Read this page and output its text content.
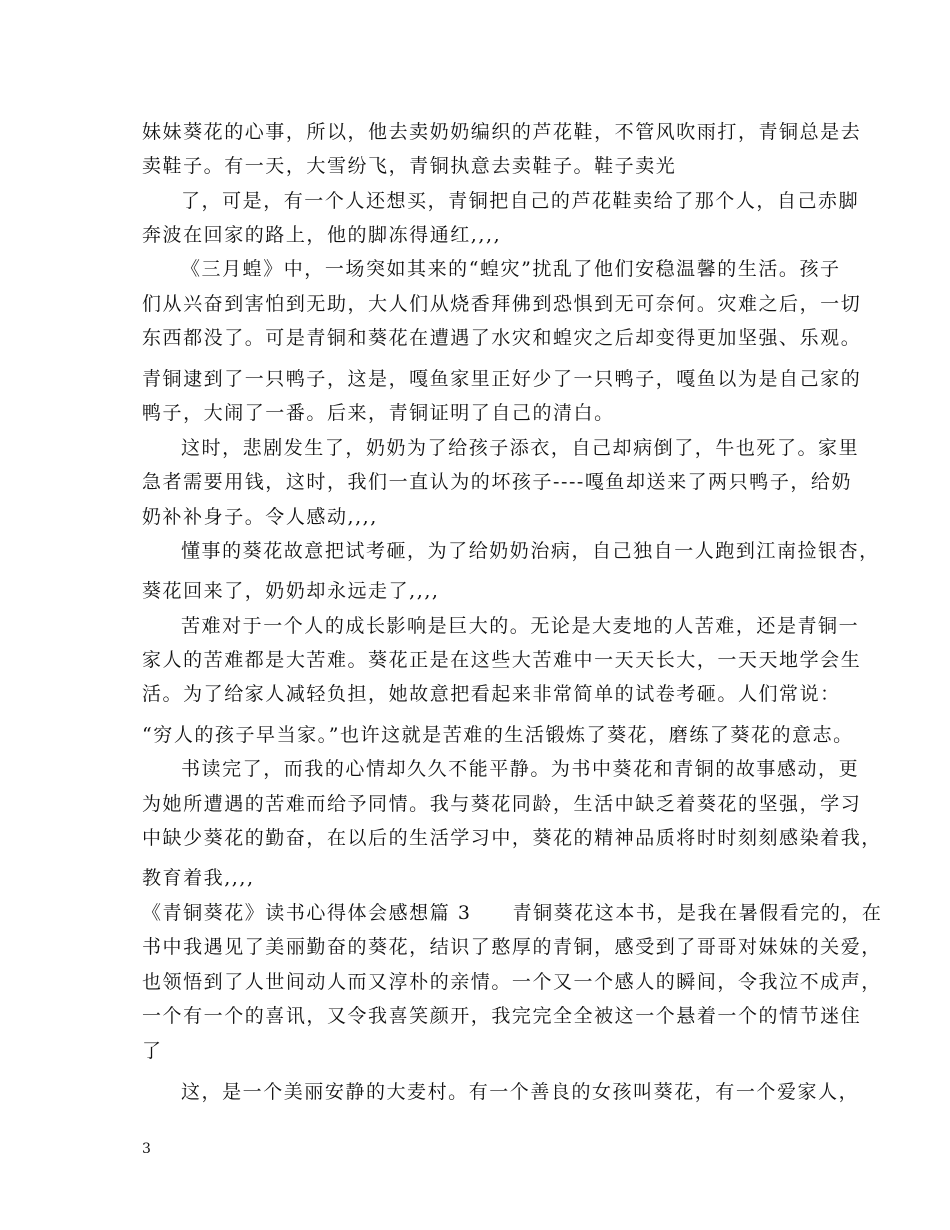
妹妹葵花的心事，所以，他去卖奶奶编织的芦花鞋，不管风吹雨打，青铜总是去
卖鞋子。有一天，大雪纷飞，青铜执意去卖鞋子。鞋子卖光
了，可是，有一个人还想买，青铜把自己的芦花鞋卖给了那个人，自己赤脚
奔波在回家的路上，他的脚冻得通红,,,,
《三月蝗》中，一场突如其来的“蝗灾”扰乱了他们安稳温馨的生活。孩子
们从兴奋到害怕到无助，大人们从烧香拜佛到恐惧到无可奈何。灾难之后，一切
东西都没了。可是青铜和葵花在遭遇了水灾和蝗灾之后却变得更加坚强、乐观。
青铜逮到了一只鸭子，这是，嘎鱼家里正好少了一只鸭子，嘎鱼以为是自己家的
鸭子，大闹了一番。后来，青铜证明了自己的清白。
这时，悲剧发生了，奶奶为了给孩子添衣，自己却病倒了，牛也死了。家里
急者需要用钱，这时，我们一直认为的坏孩子----嘎鱼却送来了两只鸭子，给奶
奶补补身子。令人感动,,,,
懂事的葵花故意把试考砸，为了给奶奶治病，自己独自一人跑到江南捡银杏，
葵花回来了，奶奶却永远走了,,,,
苦难对于一个人的成长影响是巨大的。无论是大麦地的人苦难，还是青铜一
家人的苦难都是大苦难。葵花正是在这些大苦难中一天天长大，一天天地学会生
活。为了给家人减轻负担，她故意把看起来非常简单的试卷考砸。人们常说：
“穷人的孩子早当家。”也许这就是苦难的生活锻炼了葵花，磨练了葵花的意志。
书读完了，而我的心情却久久不能平静。为书中葵花和青铜的故事感动，更
为她所遭遇的苦难而给予同情。我与葵花同龄，生活中缺乏着葵花的坚强，学习
中缺少葵花的勤奋，在以后的生活学习中，葵花的精神品质将时时刻刻感染着我，
教育着我,,,,
《青铜葵花》读书心得体会感想篇 3　　青铜葵花这本书，是我在暑假看完的，在
书中我遇见了美丽勤奋的葵花，结识了憨厚的青铜，感受到了哥哥对妹妹的关爱，
也领悟到了人世间动人而又淳朴的亲情。一个又一个感人的瞬间，令我泣不成声，
一个有一个的喜讯，又令我喜笑颜开，我完完全全被这一个悬着一个的情节迷住
了
这，是一个美丽安静的大麦村。有一个善良的女孩叫葵花，有一个爱家人，
3
